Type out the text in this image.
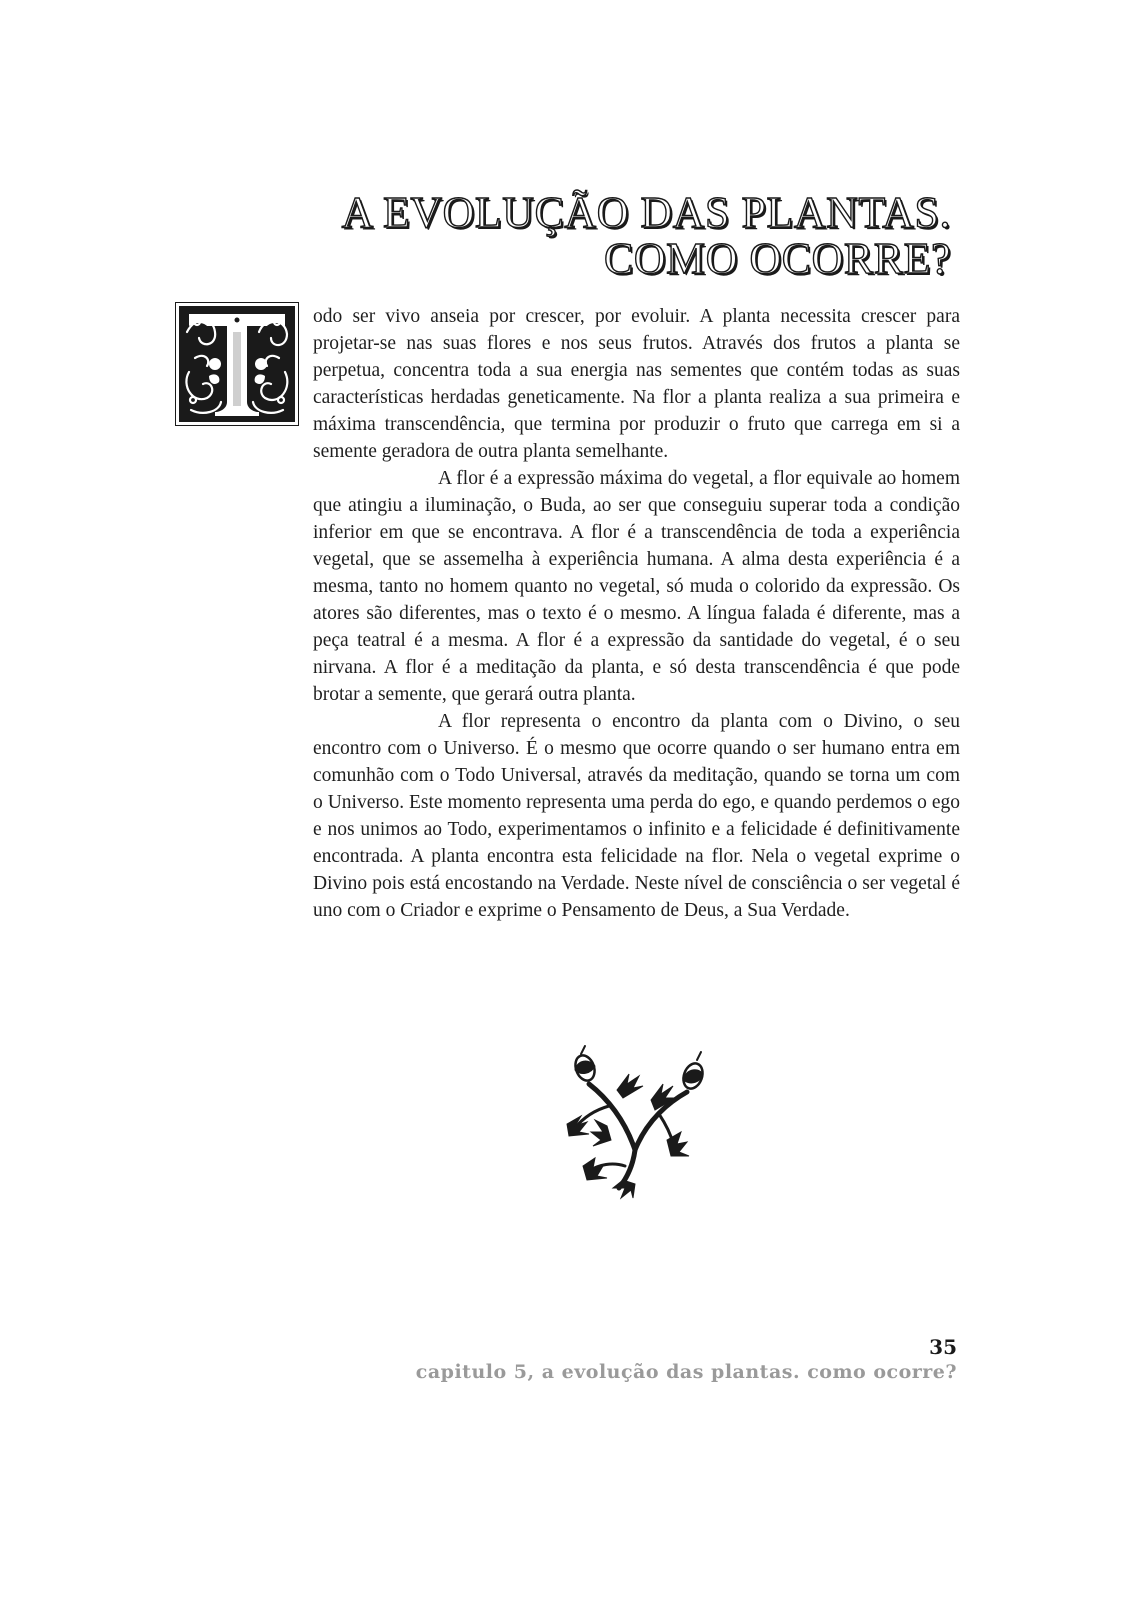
A EVOLUÇÃO DAS PLANTAS.
COMO OCORRE?

odo ser vivo anseia por crescer, por evoluir. A planta necessita crescer para projetar-se nas suas flores e nos seus frutos. Através dos frutos a planta se perpetua, concentra toda a sua energia nas sementes que contém todas as suas características herdadas geneticamente. Na flor a planta realiza a sua primeira e máxima transcendência, que termina por produzir o fruto que carrega em si a semente geradora de outra planta semelhante.

A flor é a expressão máxima do vegetal, a flor equivale ao homem que atingiu a iluminação, o Buda, ao ser que conseguiu superar toda a condição inferior em que se encontrava. A flor é a transcendência de toda a experiência vegetal, que se assemelha à experiência humana. A alma desta experiência é a mesma, tanto no homem quanto no vegetal, só muda o colorido da expressão. Os atores são diferentes, mas o texto é o mesmo. A língua falada é diferente, mas a peça teatral é a mesma. A flor é a expressão da santidade do vegetal, é o seu nirvana. A flor é a meditação da planta, e só desta transcendência é que pode brotar a semente, que gerará outra planta.

A flor representa o encontro da planta com o Divino, o seu encontro com o Universo. É o mesmo que ocorre quando o ser humano entra em comunhão com o Todo Universal, através da meditação, quando se torna um com o Universo. Este momento representa uma perda do ego, e quando perdemos o ego e nos unimos ao Todo, experimentamos o infinito e a felicidade é definitivamente encontrada. A planta encontra esta felicidade na flor. Nela o vegetal exprime o Divino pois está encostando na Verdade. Neste nível de consciência o ser vegetal é uno com o Criador e exprime o Pensamento de Deus, a Sua Verdade.

35
capitulo 5, a evolução das plantas. como ocorre?
